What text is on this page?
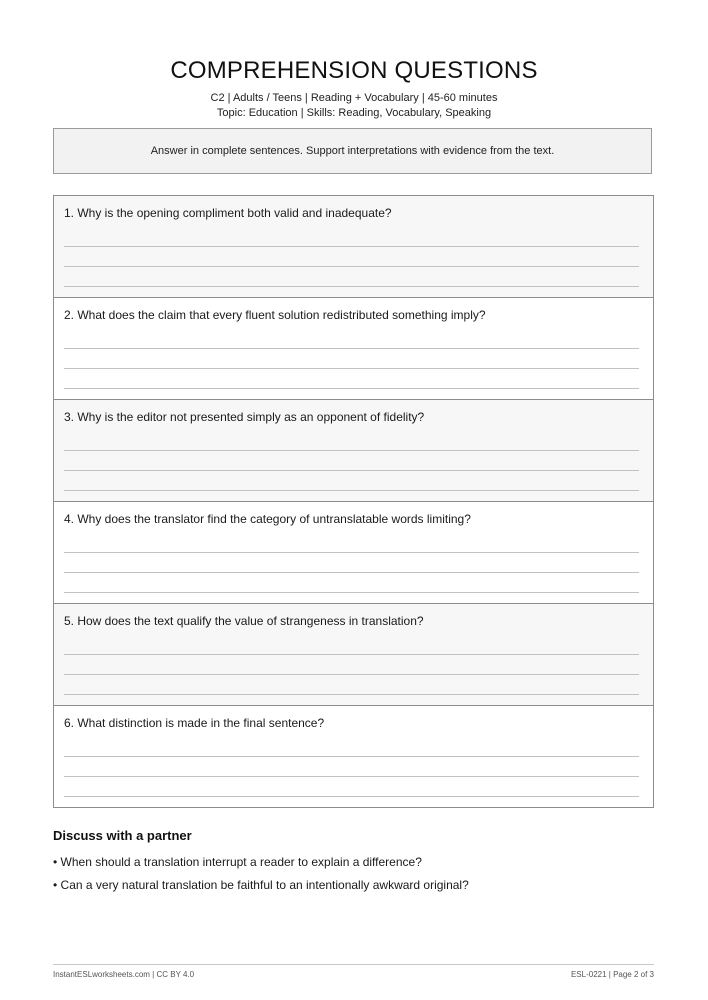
COMPREHENSION QUESTIONS
C2 | Adults / Teens | Reading + Vocabulary | 45-60 minutes
Topic: Education | Skills: Reading, Vocabulary, Speaking
Answer in complete sentences. Support interpretations with evidence from the text.
1. Why is the opening compliment both valid and inadequate?
2. What does the claim that every fluent solution redistributed something imply?
3. Why is the editor not presented simply as an opponent of fidelity?
4. Why does the translator find the category of untranslatable words limiting?
5. How does the text qualify the value of strangeness in translation?
6. What distinction is made in the final sentence?
Discuss with a partner
• When should a translation interrupt a reader to explain a difference?
• Can a very natural translation be faithful to an intentionally awkward original?
InstantESLworksheets.com | CC BY 4.0	ESL-0221 | Page 2 of 3
